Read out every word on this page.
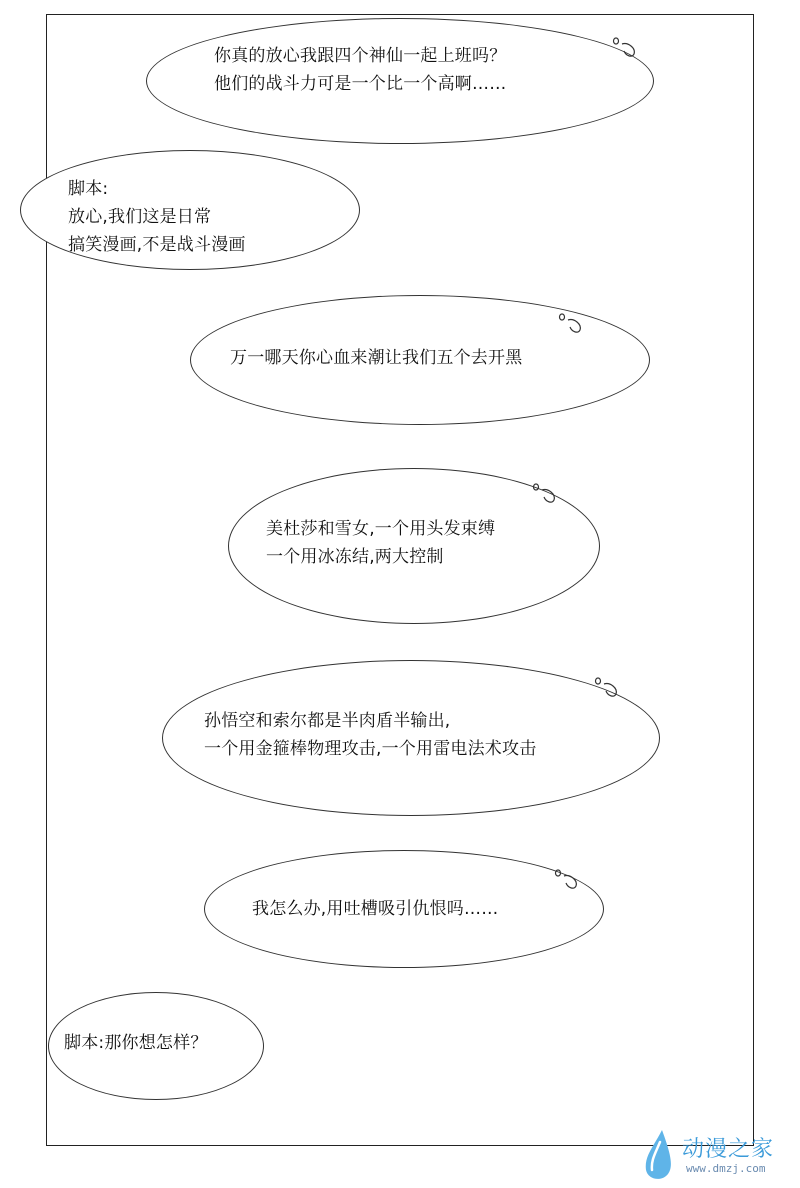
你真的放心我跟四个神仙一起上班吗？
他们的战斗力可是一个比一个高啊……
脚本:
放心,我们这是日常
搞笑漫画,不是战斗漫画
万一哪天你心血来潮让我们五个去开黑
美杜莎和雪女,一个用头发束缚
一个用冰冻结,两大控制
孙悟空和索尔都是半肉盾半输出,
一个用金箍棒物理攻击,一个用雷电法术攻击
我怎么办,用吐槽吸引仇恨吗……
脚本:那你想怎样？
动漫之家
www.dmzj.com
